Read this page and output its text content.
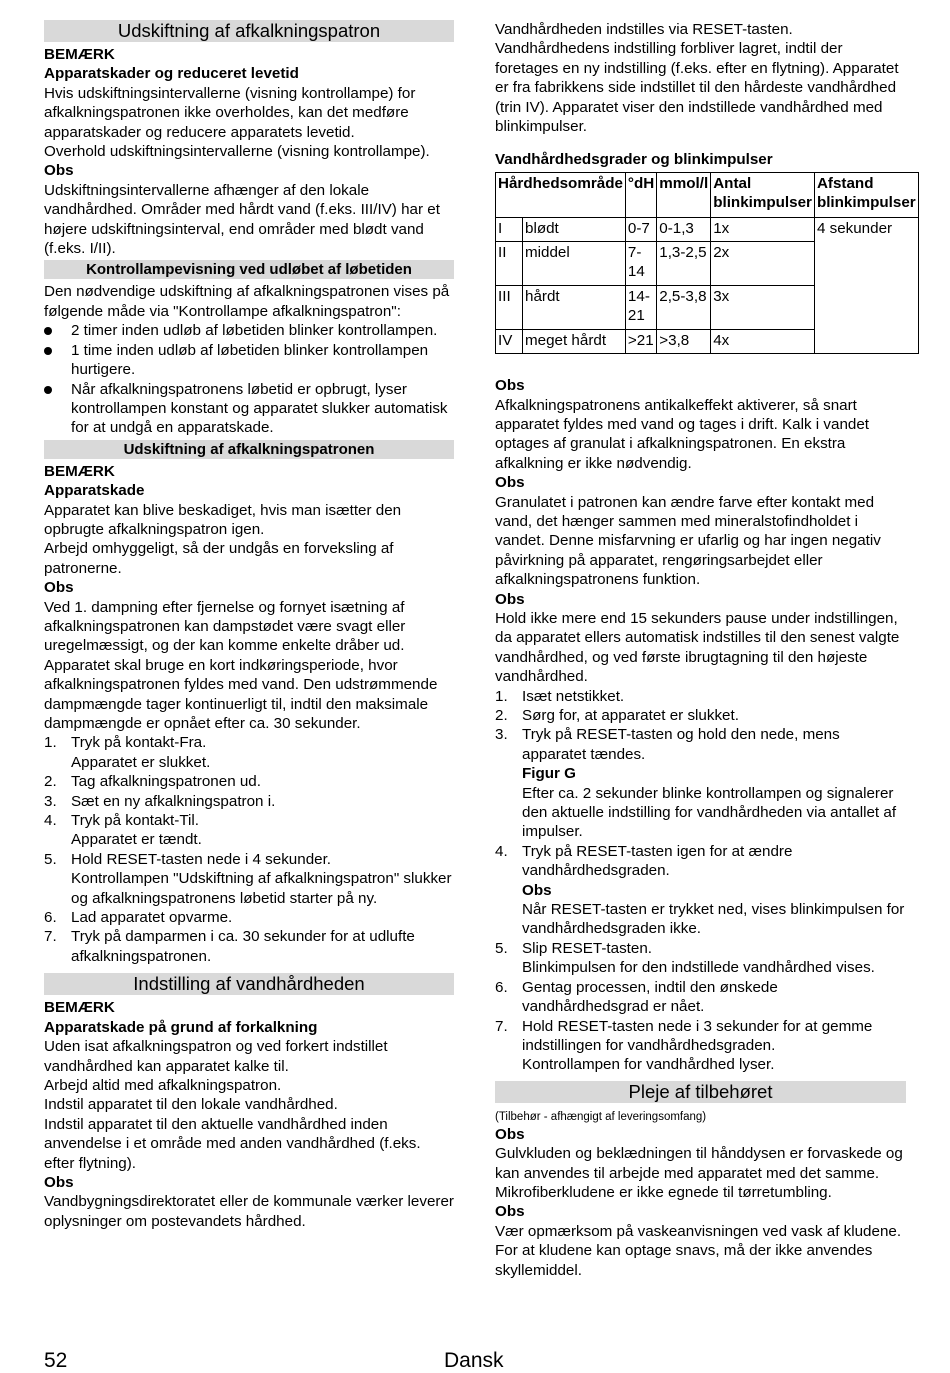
Udskiftning af afkalkningspatron

BEMÆRK

Apparatskader og reduceret levetid

Hvis udskiftningsintervallerne (visning kontrollampe) for afkalkningspatronen ikke overholdes, kan det medføre apparatskader og reducere apparatets levetid.

Overhold udskiftningsintervallerne (visning kontrollampe).

Obs

Udskiftningsintervallerne afhænger af den lokale vandhårdhed. Områder med hårdt vand (f.eks. III/IV) har et højere udskiftningsinterval, end områder med blødt vand (f.eks. I/II).

Kontrollampevisning ved udløbet af løbetiden

Den nødvendige udskiftning af afkalkningspatronen vises på følgende måde via "Kontrollampe afkalkningspatron":

2 timer inden udløb af løbetiden blinker kontrollampen.

1 time inden udløb af løbetiden blinker kontrollampen hurtigere.

Når afkalkningspatronens løbetid er opbrugt, lyser kontrollampen konstant og apparatet slukker automatisk for at undgå en apparatskade.

Udskiftning af afkalkningspatronen

BEMÆRK

Apparatskade

Apparatet kan blive beskadiget, hvis man isætter den opbrugte afkalkningspatron igen.

Arbejd omhyggeligt, så der undgås en forveksling af patronerne.

Obs

Ved 1. dampning efter fjernelse og fornyet isætning af afkalkningspatronen kan dampstødet være svagt eller uregelmæssigt, og der kan komme enkelte dråber ud.

Apparatet skal bruge en kort indkøringsperiode, hvor afkalkningspatronen fyldes med vand. Den udstrømmende dampmængde tager kontinuerligt til, indtil den maksimale dampmængde er opnået efter ca. 30 sekunder.

1. Tryk på kontakt-Fra.

Apparatet er slukket.

2. Tag afkalkningspatronen ud.

3. Sæt en ny afkalkningspatron i.

4. Tryk på kontakt-Til.

Apparatet er tændt.

5. Hold RESET-tasten nede i 4 sekunder.

Kontrollampen "Udskiftning af afkalkningspatron" slukker og afkalkningspatronens løbetid starter på ny.

6. Lad apparatet opvarme.

7. Tryk på damparmen i ca. 30 sekunder for at udlufte afkalkningspatronen.

Indstilling af vandhårdheden

BEMÆRK

Apparatskade på grund af forkalkning

Uden isat afkalkningspatron og ved forkert indstillet vandhårdhed kan apparatet kalke til.

Arbejd altid med afkalkningspatron.

Indstil apparatet til den lokale vandhårdhed.

Indstil apparatet til den aktuelle vandhårdhed inden anvendelse i et område med anden vandhårdhed (f.eks. efter flytning).

Obs

Vandbygningsdirektoratet eller de kommunale værker leverer oplysninger om postevandets hårdhed.

Vandhårdheden indstilles via RESET-tasten. Vandhårdhedens indstilling forbliver lagret, indtil der foretages en ny indstilling (f.eks. efter en flytning). Apparatet er fra fabrikkens side indstillet til den hårdeste vandhårdhed (trin IV). Apparatet viser den indstillede vandhårdhed med blinkimpulser.

Vandhårdhedsgrader og blinkimpulser

Hårdhedsområde		°dH	mmol/l	Antal blinkimpulser	Afstand blinkimpulser
I	blødt	0-7	0-1,3	1x	4 sekunder
II	middel	7-14	1,3-2,5	2x	
III	hårdt	14-21	2,5-3,8	3x	
IV	meget hårdt	>21	>3,8	4x	

Obs

Afkalkningspatronens antikalkeffekt aktiverer, så snart apparatet fyldes med vand og tages i drift. Kalk i vandet optages af granulat i afkalkningspatronen. En ekstra afkalkning er ikke nødvendig.

Obs

Granulatet i patronen kan ændre farve efter kontakt med vand, det hænger sammen med mineralstofindholdet i vandet. Denne misfarvning er ufarlig og har ingen negativ påvirkning på apparatet, rengøringsarbejdet eller afkalkningspatronens funktion.

Obs

Hold ikke mere end 15 sekunders pause under indstillingen, da apparatet ellers automatisk indstilles til den senest valgte vandhårdhed, og ved første ibrugtagning til den højeste vandhårdhed.

1. Isæt netstikket.

2. Sørg for, at apparatet er slukket.

3. Tryk på RESET-tasten og hold den nede, mens apparatet tændes.

Figur G

Efter ca. 2 sekunder blinke kontrollampen og signalerer den aktuelle indstilling for vandhårdheden via antallet af impulser.

4. Tryk på RESET-tasten igen for at ændre vandhårdhedsgraden.

Obs

Når RESET-tasten er trykket ned, vises blinkimpulsen for vandhårdhedsgraden ikke.

5. Slip RESET-tasten.

Blinkimpulsen for den indstillede vandhårdhed vises.

6. Gentag processen, indtil den ønskede vandhårdhedsgrad er nået.

7. Hold RESET-tasten nede i 3 sekunder for at gemme indstillingen for vandhårdhedsgraden.

Kontrollampen for vandhårdhed lyser.

Pleje af tilbehøret

(Tilbehør - afhængigt af leveringsomfang)

Obs

Gulvkluden og beklædningen til hånddysen er forvaskede og kan anvendes til arbejde med apparatet med det samme. Mikrofiberkludene er ikke egnede til tørretumbling.

Obs

Vær opmærksom på vaskeanvisningen ved vask af kludene. For at kludene kan optage snavs, må der ikke anvendes skyllemiddel.

52	Dansk
